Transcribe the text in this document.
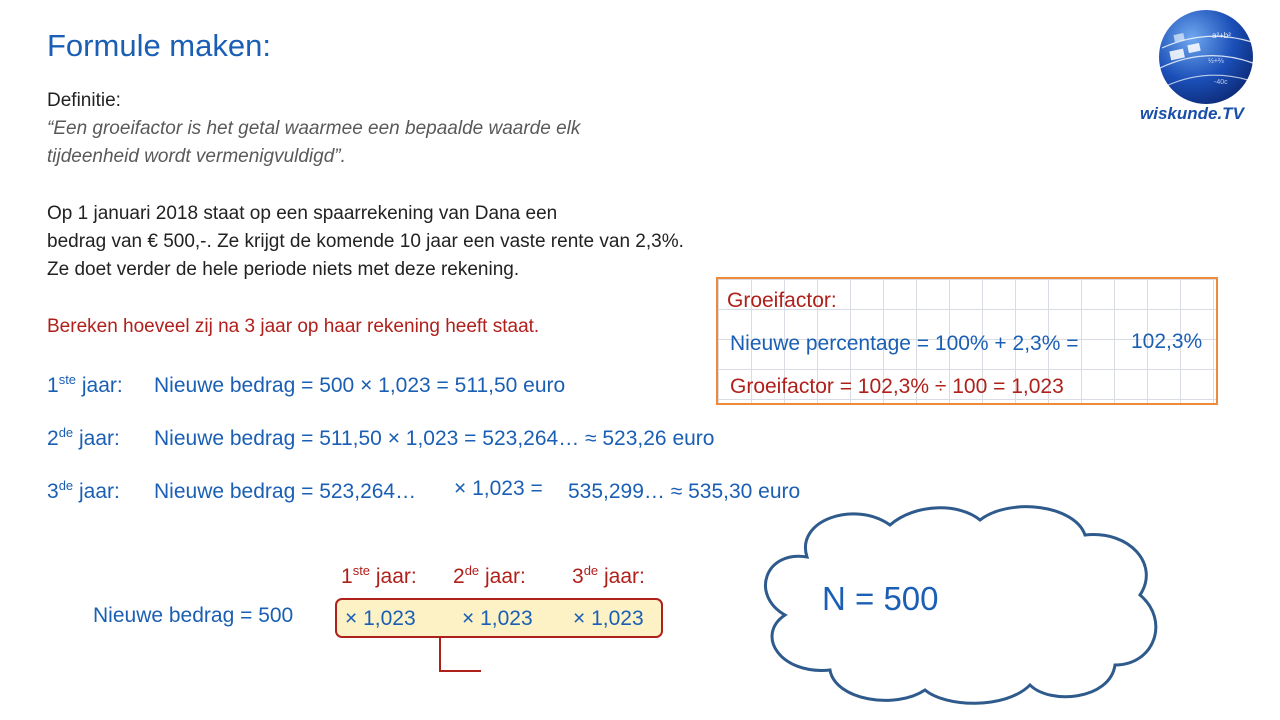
Formule maken:
Definitie:
“Een groeifactor is het getal waarmee een bepaalde waarde elk
tijdeenheid wordt vermenigvuldigd”.
Op 1 januari 2018 staat op een spaarrekening van Dana een
bedrag van € 500,-. Ze krijgt de komende 10 jaar een vaste rente van 2,3%.
Ze doet verder de hele periode niets met deze rekening.
Bereken hoeveel zij na 3 jaar op haar rekening heeft staat.
1ste jaar: Nieuwe bedrag = 500 × 1,023 = 511,50 euro
2de jaar: Nieuwe bedrag = 511,50 × 1,023 = 523,264… ≈ 523,26 euro
3de jaar: Nieuwe bedrag = 523,264… × 1,023 = 535,299… ≈ 535,30 euro
Groeifactor:
Nieuwe percentage = 100% + 2,3% =	102,3%
Groeifactor = 102,3% ÷ 100 = 1,023
1ste jaar: 2de jaar: 3de jaar:
Nieuwe bedrag = 500 × 1,023 × 1,023 × 1,023
N = 500
a²+b²
½+⅔
-40c
wiskunde.TV
